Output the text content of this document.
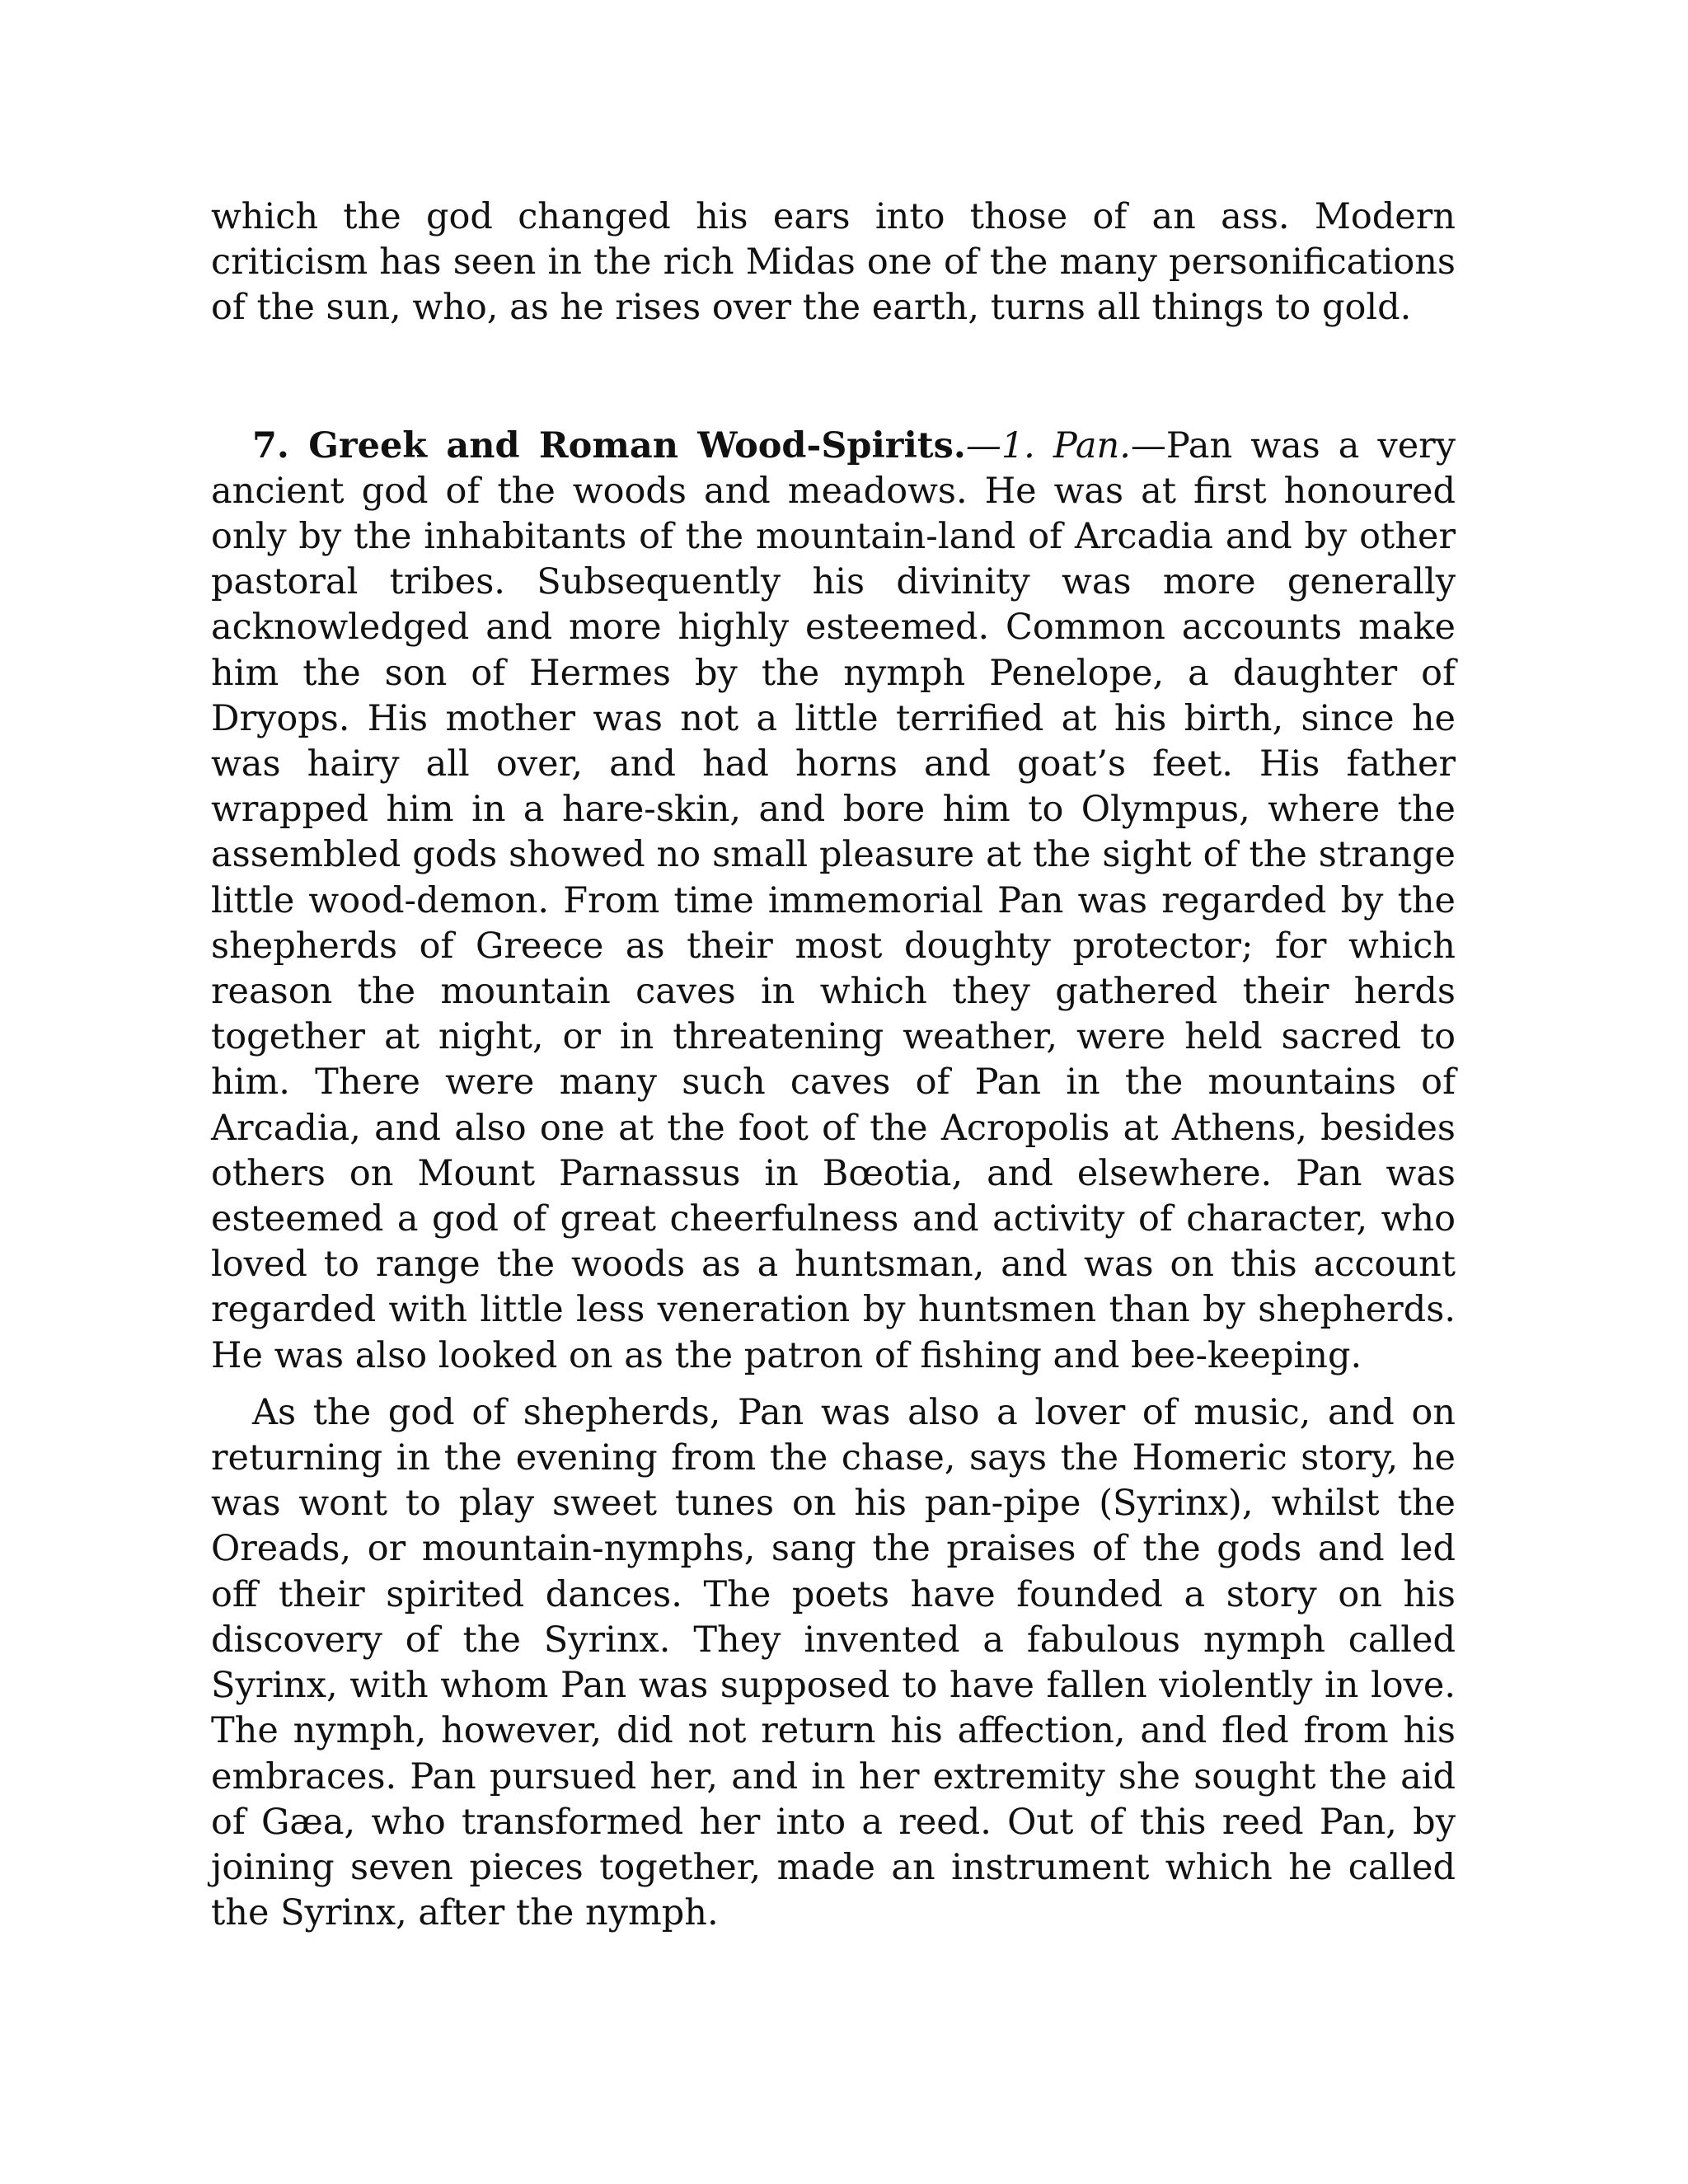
which the god changed his ears into those of an ass. Modern criticism has seen in the rich Midas one of the many personifications of the sun, who, as he rises over the earth, turns all things to gold.

7. Greek and Roman Wood-Spirits.—1. Pan.—Pan was a very ancient god of the woods and meadows. He was at first honoured only by the inhabitants of the mountain-land of Arcadia and by other pastoral tribes. Subsequently his divinity was more generally acknowledged and more highly esteemed. Common accounts make him the son of Hermes by the nymph Penelope, a daughter of Dryops. His mother was not a little terrified at his birth, since he was hairy all over, and had horns and goat’s feet. His father wrapped him in a hare-skin, and bore him to Olympus, where the assembled gods showed no small pleasure at the sight of the strange little wood-demon. From time immemorial Pan was regarded by the shepherds of Greece as their most doughty protector; for which reason the mountain caves in which they gathered their herds together at night, or in threatening weather, were held sacred to him. There were many such caves of Pan in the mountains of Arcadia, and also one at the foot of the Acropolis at Athens, besides others on Mount Parnassus in Bœotia, and elsewhere. Pan was esteemed a god of great cheerfulness and activity of character, who loved to range the woods as a huntsman, and was on this account regarded with little less veneration by huntsmen than by shepherds. He was also looked on as the patron of fishing and bee-keeping.

As the god of shepherds, Pan was also a lover of music, and on returning in the evening from the chase, says the Homeric story, he was wont to play sweet tunes on his pan-pipe (Syrinx), whilst the Oreads, or mountain-nymphs, sang the praises of the gods and led off their spirited dances. The poets have founded a story on his discovery of the Syrinx. They invented a fabulous nymph called Syrinx, with whom Pan was supposed to have fallen violently in love. The nymph, however, did not return his affection, and fled from his embraces. Pan pursued her, and in her extremity she sought the aid of Gæa, who transformed her into a reed. Out of this reed Pan, by joining seven pieces together, made an instrument which he called the Syrinx, after the nymph.
